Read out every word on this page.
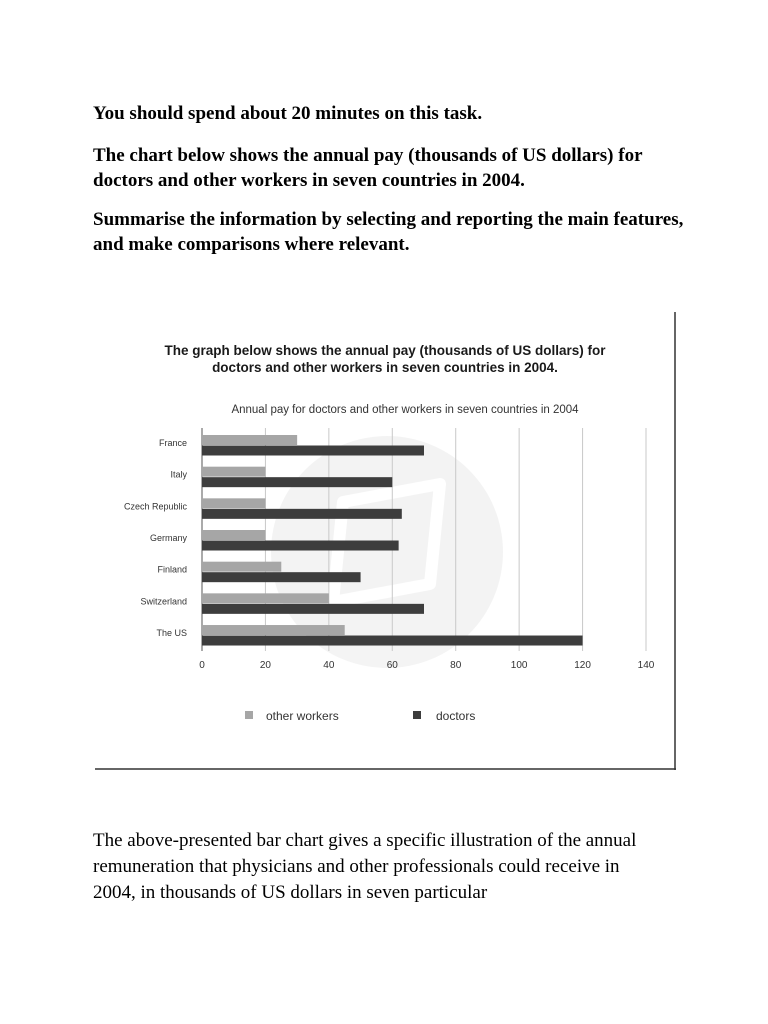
You should spend about 20 minutes on this task.

The chart below shows the annual pay (thousands of US dollars) for doctors and other workers in seven countries in 2004.

Summarise the information by selecting and reporting the main features, and make comparisons where relevant.

The graph below shows the annual pay (thousands of US dollars) for
doctors and other workers in seven countries in 2004.
Annual pay for doctors and other workers in seven countries in 2004
France
Italy
Czech Republic
Germany
Finland
Switzerland
The US
0	20	40	60	80	100	120	140
other workers	doctors

The above-presented bar chart gives a specific illustration of the annual remuneration that physicians and other professionals could receive in 2004, in thousands of US dollars in seven particular
